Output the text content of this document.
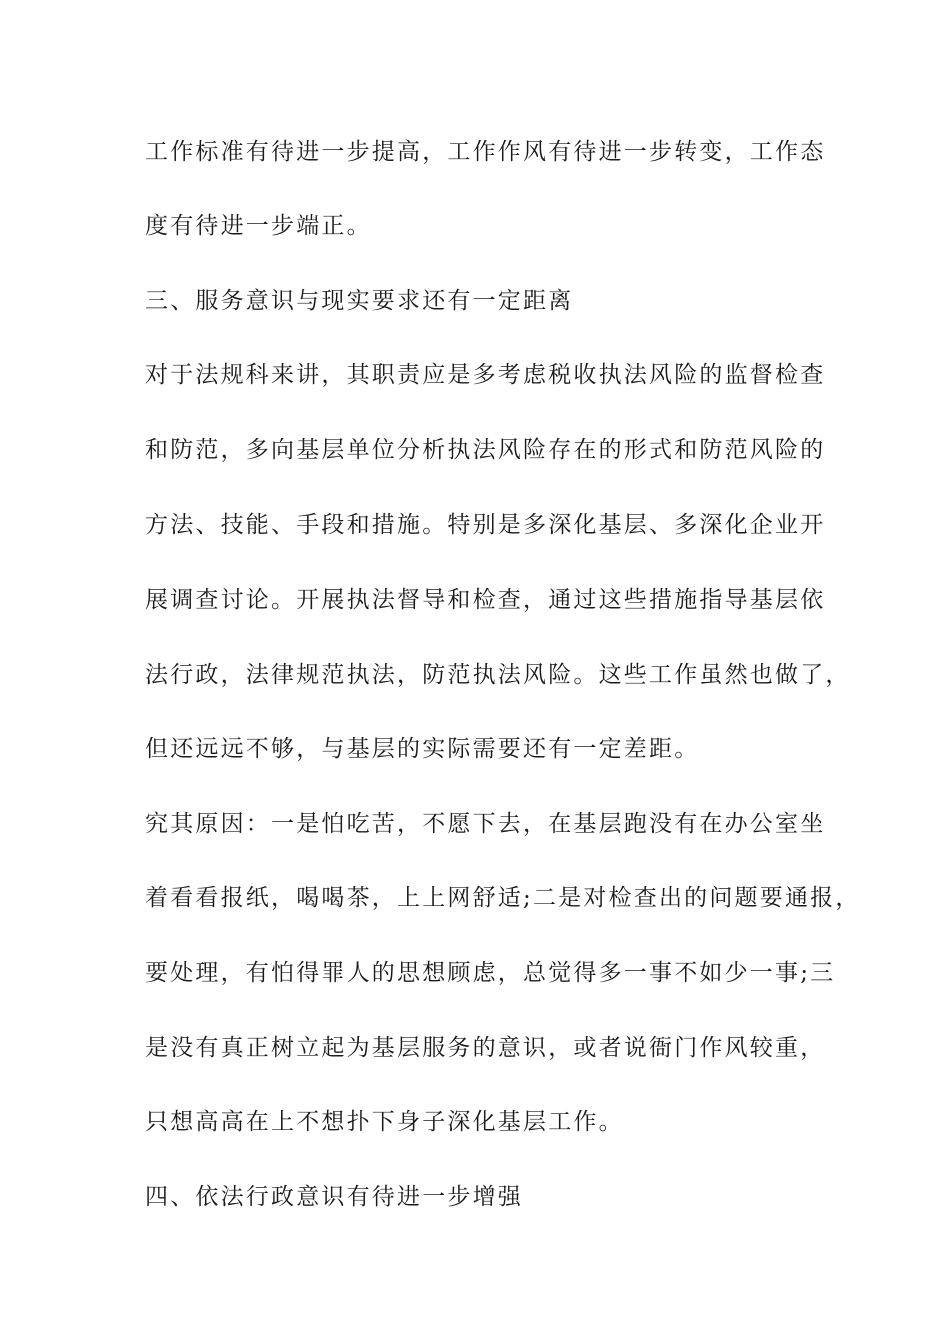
工作标准有待进一步提高，工作作风有待进一步转变，工作态
度有待进一步端正。
三、服务意识与现实要求还有一定距离
对于法规科来讲，其职责应是多考虑税收执法风险的监督检查
和防范，多向基层单位分析执法风险存在的形式和防范风险的
方法、技能、手段和措施。特别是多深化基层、多深化企业开
展调查讨论。开展执法督导和检查，通过这些措施指导基层依
法行政，法律规范执法，防范执法风险。这些工作虽然也做了，
但还远远不够，与基层的实际需要还有一定差距。
究其原因：一是怕吃苦，不愿下去，在基层跑没有在办公室坐
着看看报纸，喝喝茶，上上网舒适;二是对检查出的问题要通报，
要处理，有怕得罪人的思想顾虑，总觉得多一事不如少一事;三
是没有真正树立起为基层服务的意识，或者说衙门作风较重，
只想高高在上不想扑下身子深化基层工作。
四、依法行政意识有待进一步增强
